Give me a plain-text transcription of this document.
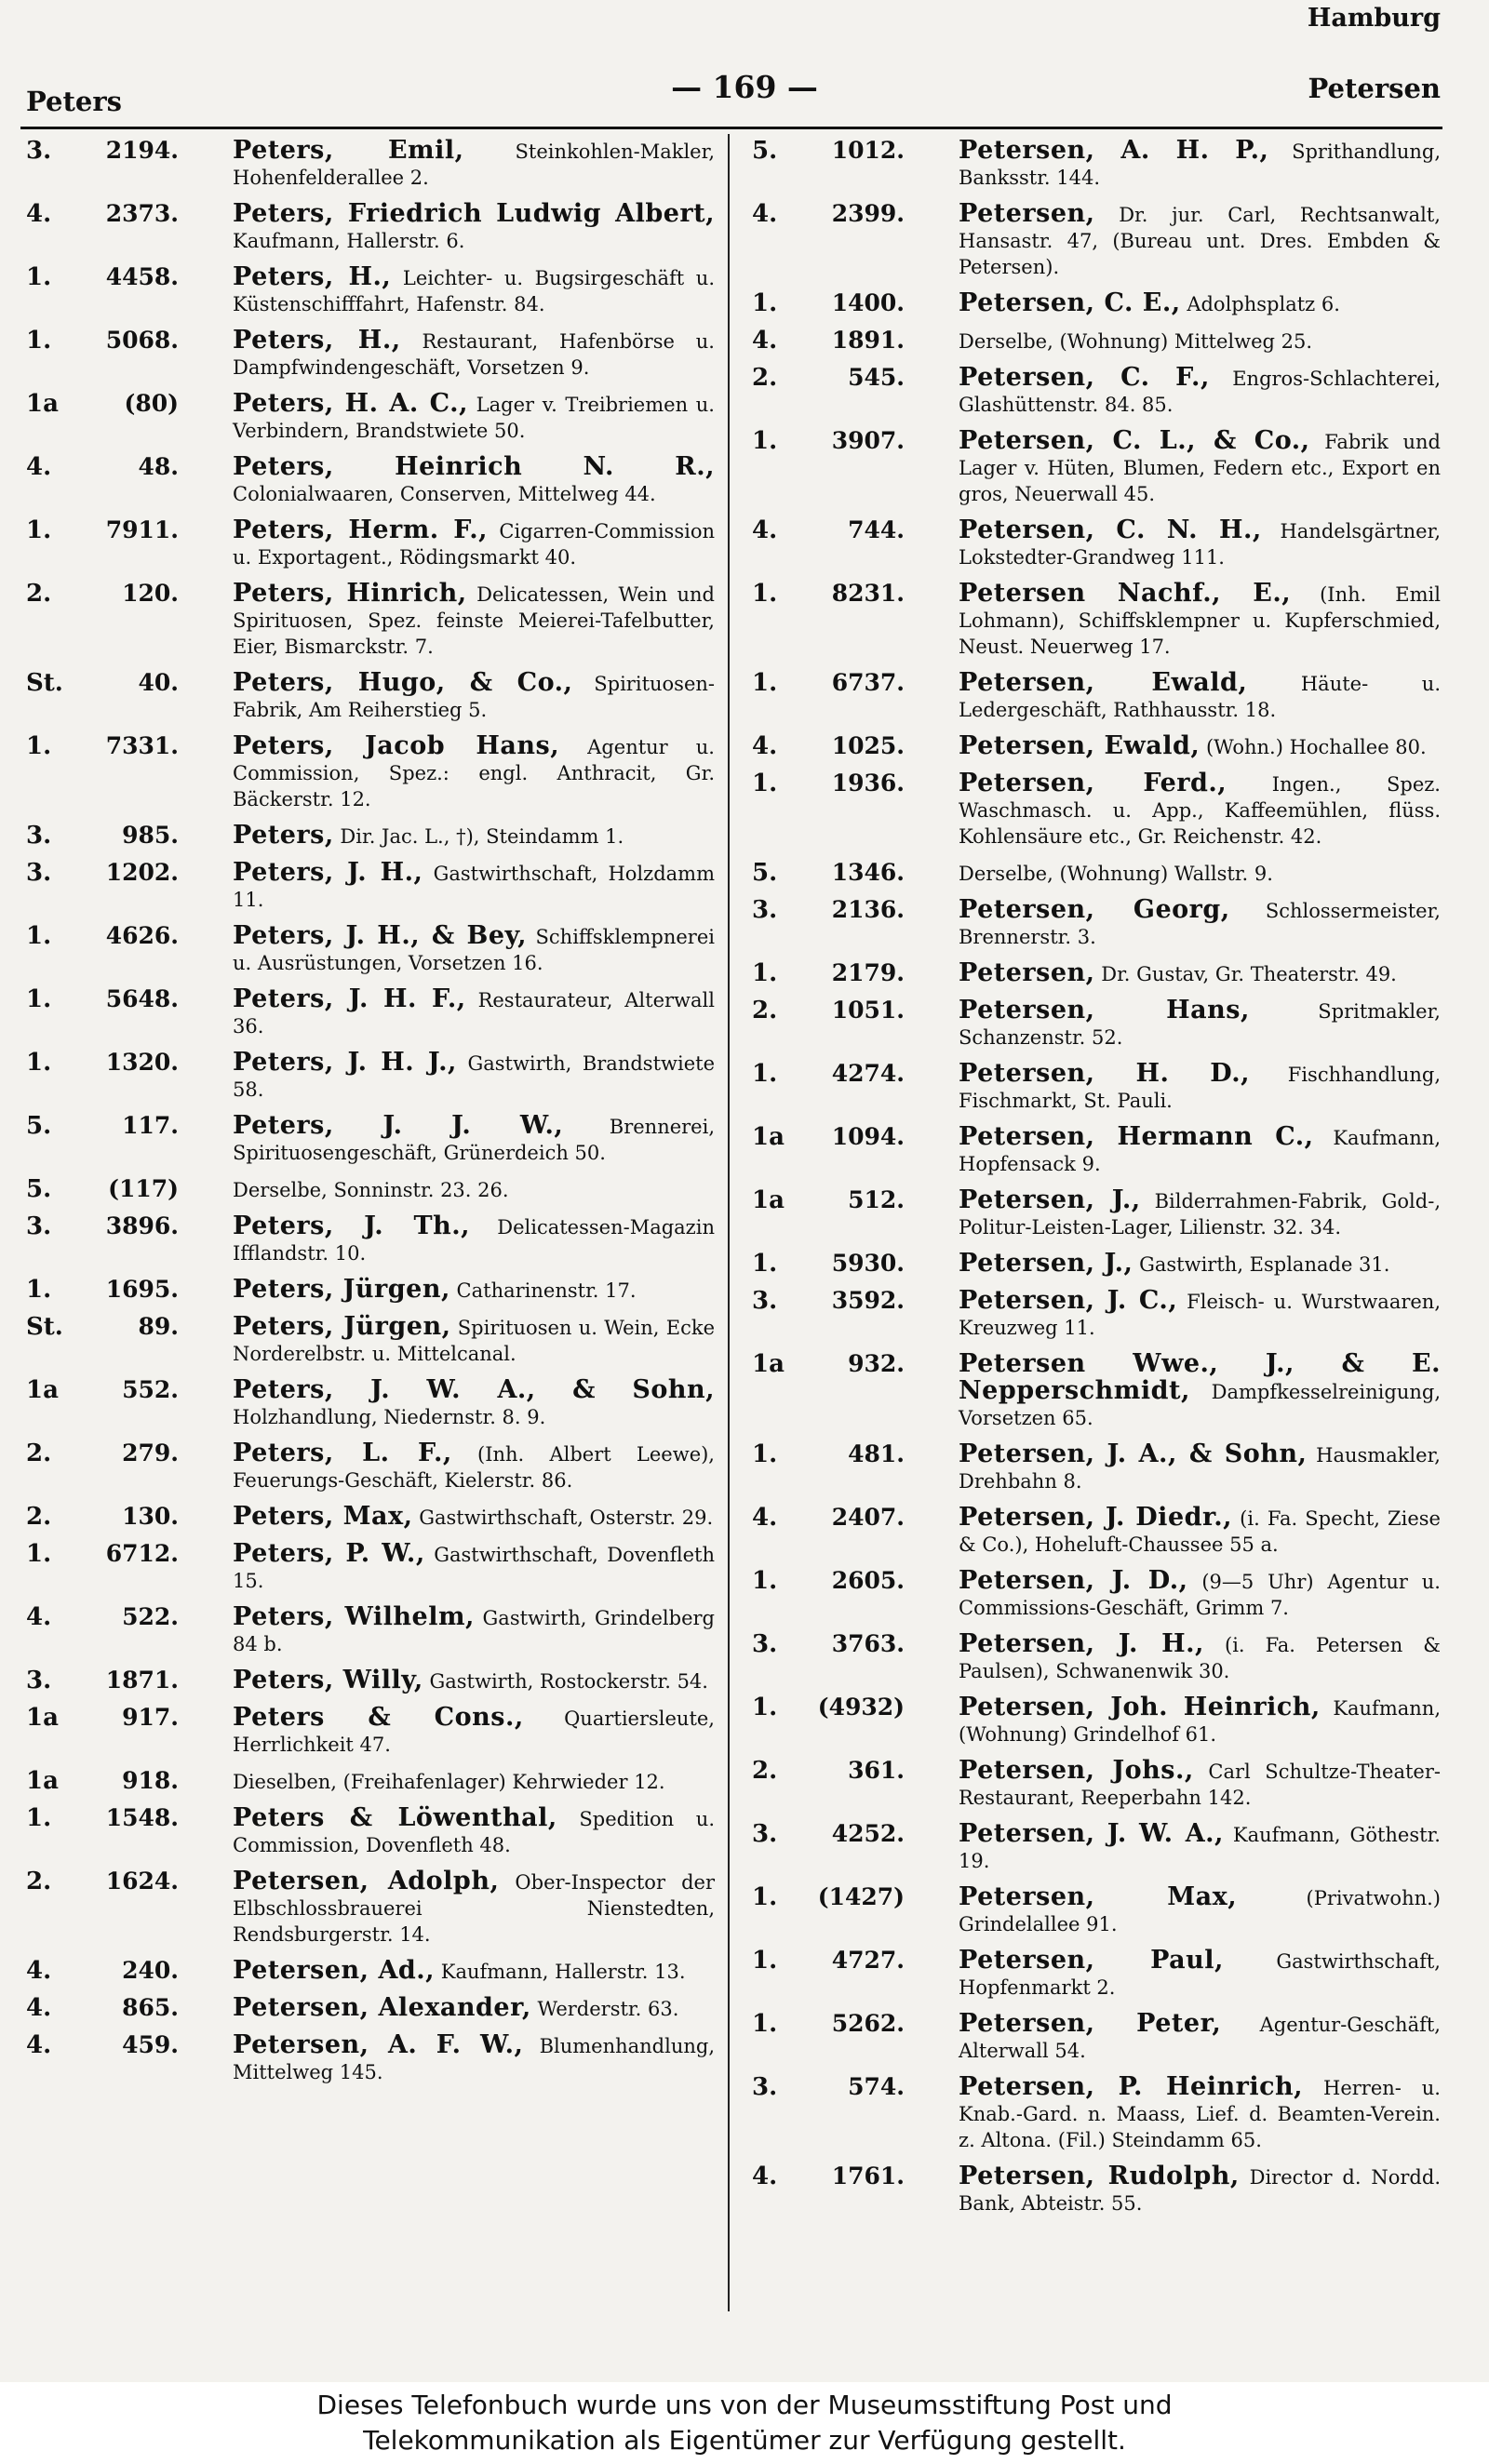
Hamburg
Peters	— 169 —	Petersen
3.	2194. Peters, Emil,	Steinkohlen-Makler, Hohenfelderallee 2.
4.	2373. Peters, Friedrich Ludwig Albert, Kaufmann, Hallerstr. 6.
1.	4458. Peters, H., Leichter- u. Bugsirgeschäft u. Küstenschifffahrt, Hafenstr. 84.
1.	5068. Peters, H., Restaurant, Hafenbörse u. Dampfwindengeschäft, Vorsetzen 9.
1a	(80) Peters, H. A. C., Lager v. Treibriemen u. Verbindern, Brandstwiete 50.
4.	48. Peters, Heinrich N. R., Colonialwaaren, Conserven, Mittelweg 44.
1.	7911. Peters, Herm. F., Cigarren-Commission u. Exportagent., Rödingsmarkt 40.
2.	120. Peters, Hinrich, Delicatessen, Wein und Spirituosen, Spez. feinste Meierei-Tafelbutter, Eier, Bismarckstr. 7.
St.	40. Peters, Hugo, & Co., Spirituosen-Fabrik, Am Reiherstieg 5.
1.	7331. Peters, Jacob Hans, Agentur u. Commission, Spez.: engl. Anthracit, Gr. Bäckerstr. 12.
3.	985. Peters, Dir. Jac. L., †), Steindamm 1.
3.	1202. Peters, J. H., Gastwirthschaft, Holzdamm 11.
1.	4626. Peters, J. H., & Bey, Schiffsklempnerei u. Ausrüstungen, Vorsetzen 16.
1.	5648. Peters, J. H. F., Restaurateur, Alterwall 36.
1.	1320. Peters, J. H. J., Gastwirth, Brandstwiete 58.
5.	117. Peters, J. J. W., Brennerei, Spirituosengeschäft, Grünerdeich 50.
5.	(117)	Derselbe, Sonninstr. 23. 26.
3.	3896. Peters, J. Th., Delicatessen-Magazin Ifflandstr. 10.
1.	1695. Peters, Jürgen, Catharinenstr. 17.
St.	89. Peters, Jürgen, Spirituosen u. Wein, Ecke Norderelbstr. u. Mittelcanal.
1a	552. Peters, J. W. A., & Sohn, Holzhandlung, Niedernstr. 8. 9.
2.	279. Peters, L. F., (Inh. Albert Leewe), Feuerungs-Geschäft, Kielerstr. 86.
2.	130. Peters, Max, Gastwirthschaft, Osterstr. 29.
1.	6712. Peters, P. W., Gastwirthschaft, Dovenfleth 15.
4.	522. Peters, Wilhelm, Gastwirth, Grindelberg 84 b.
3.	1871. Peters, Willy, Gastwirth, Rostockerstr. 54.
1a	917. Peters & Cons., Quartiersleute, Herrlichkeit 47.
1a	918.	Dieselben, (Freihafenlager) Kehrwieder 12.
1.	1548. Peters & Löwenthal, Spedition u. Commission, Dovenfleth 48.
2.	1624. Petersen, Adolph, Ober-Inspector der Elbschlossbrauerei Nienstedten, Rendsburgerstr. 14.
4.	240. Petersen, Ad., Kaufmann, Hallerstr. 13.
4.	865. Petersen, Alexander, Werderstr. 63.
4.	459. Petersen, A. F. W., Blumenhandlung, Mittelweg 145.
5.	1012. Petersen, A. H. P., Sprithandlung, Banksstr. 144.
4.	2399. Petersen, Dr. jur. Carl, Rechtsanwalt, Hansastr. 47, (Bureau unt. Dres. Embden & Petersen).
1.	1400. Petersen, C. E., Adolphsplatz 6.
4.	1891.	Derselbe, (Wohnung) Mittelweg 25.
2.	545. Petersen, C. F., Engros-Schlachterei, Glashüttenstr. 84. 85.
1.	3907. Petersen, C. L., & Co., Fabrik und Lager v. Hüten, Blumen, Federn etc., Export en gros, Neuerwall 45.
4.	744. Petersen, C. N. H., Handelsgärtner, Lokstedter-Grandweg 111.
1.	8231. Petersen Nachf., E., (Inh. Emil Lohmann), Schiffsklempner u. Kupferschmied, Neust. Neuerweg 17.
1.	6737. Petersen, Ewald,	Häute- u. Ledergeschäft, Rathhausstr. 18.
4.	1025. Petersen, Ewald, (Wohn.) Hochallee 80.
1.	1936. Petersen, Ferd., Ingen., Spez. Waschmasch. u. App., Kaffeemühlen, flüss. Kohlensäure etc., Gr. Reichenstr. 42.
5.	1346.	Derselbe, (Wohnung) Wallstr. 9.
3.	2136. Petersen, Georg, Schlossermeister, Brennerstr. 3.
1.	2179. Petersen, Dr. Gustav, Gr. Theaterstr. 49.
2.	1051. Petersen, Hans,	Spritmakler, Schanzenstr. 52.
1.	4274. Petersen, H. D., Fischhandlung, Fischmarkt, St. Pauli.
1a	1094. Petersen, Hermann C., Kaufmann, Hopfensack 9.
1a	512. Petersen, J., Bilderrahmen-Fabrik, Gold-, Politur-Leisten-Lager, Lilienstr. 32. 34.
1.	5930. Petersen, J., Gastwirth, Esplanade 31.
3.	3592. Petersen, J. C., Fleisch- u. Wurstwaaren, Kreuzweg 11.
1a	932. Petersen Wwe., J., & E. Nepperschmidt, Dampfkesselreinigung, Vorsetzen 65.
1.	481. Petersen, J. A., & Sohn, Hausmakler, Drehbahn 8.
4.	2407. Petersen, J. Diedr., (i. Fa. Specht, Ziese & Co.), Hoheluft-Chaussee 55 a.
1.	2605. Petersen, J. D., (9—5 Uhr) Agentur u. Commissions-Geschäft, Grimm 7.
3.	3763. Petersen, J. H., (i. Fa. Petersen & Paulsen), Schwanenwik 30.
1.	(4932) Petersen, Joh. Heinrich, Kaufmann, (Wohnung) Grindelhof 61.
2.	361. Petersen, Johs., Carl Schultze-Theater-Restaurant, Reeperbahn 142.
3.	4252. Petersen, J. W. A., Kaufmann, Göthestr. 19.
1.	(1427) Petersen, Max,	(Privatwohn.) Grindelallee 91.
1.	4727. Petersen, Paul,	Gastwirthschaft, Hopfenmarkt 2.
1.	5262. Petersen, Peter, Agentur-Geschäft, Alterwall 54.
3.	574. Petersen, P. Heinrich, Herren- u. Knab.-Gard. n. Maass, Lief. d. Beamten-Verein. z. Altona. (Fil.) Steindamm 65.
4.	1761. Petersen, Rudolph, Director d. Nordd. Bank, Abteistr. 55.
Dieses Telefonbuch wurde uns von der Museumsstiftung Post und
Telekommunikation als Eigentümer zur Verfügung gestellt.
